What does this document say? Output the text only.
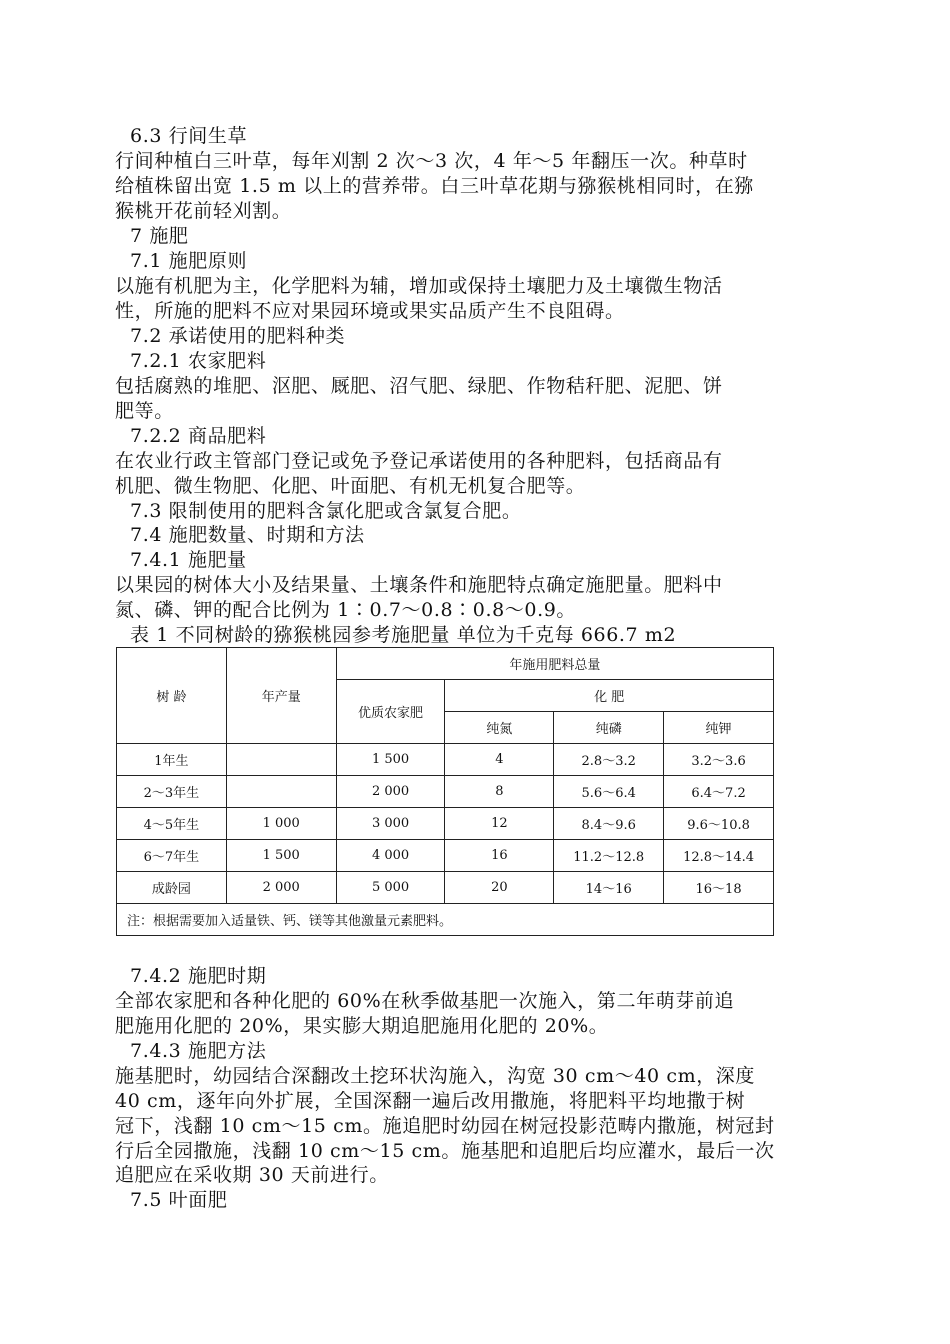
6.3 行间生草
行间种植白三叶草，每年刈割 2 次～3 次，4 年～5 年翻压一次。种草时
给植株留出宽 1.5 m 以上的营养带。白三叶草花期与猕猴桃相同时，在猕
猴桃开花前轻刈割。
7 施肥
7.1 施肥原则
以施有机肥为主，化学肥料为辅，增加或保持土壤肥力及土壤微生物活
性，所施的肥料不应对果园环境或果实品质产生不良阻碍。
7.2 承诺使用的肥料种类
7.2.1 农家肥料
包括腐熟的堆肥、沤肥、厩肥、沼气肥、绿肥、作物秸秆肥、泥肥、饼
肥等。
7.2.2 商品肥料
在农业行政主管部门登记或免予登记承诺使用的各种肥料，包括商品有
机肥、微生物肥、化肥、叶面肥、有机无机复合肥等。
7.3 限制使用的肥料含氯化肥或含氯复合肥。
7.4 施肥数量、时期和方法
7.4.1 施肥量
以果园的树体大小及结果量、土壤条件和施肥特点确定施肥量。肥料中
氮、磷、钾的配合比例为 1∶0.7～0.8∶0.8～0.9。
表 1 不同树龄的猕猴桃园参考施肥量 单位为千克每 666.7 m2
树 龄	年产量	年施用肥料总量			
		优质农家肥	化 肥		
			纯氮	纯磷	纯钾
1年生		1 500	4	2.8～3.2	3.2～3.6
2～3年生		2 000	8	5.6～6.4	6.4～7.2
4～5年生	1 000	3 000	12	8.4～9.6	9.6～10.8
6～7年生	1 500	4 000	16	11.2～12.8	12.8～14.4
成龄园	2 000	5 000	20	14～16	16～18
注：根据需要加入适量铁、钙、镁等其他激量元素肥料。					
7.4.2 施肥时期
全部农家肥和各种化肥的 60%在秋季做基肥一次施入，第二年萌芽前追
肥施用化肥的 20%，果实膨大期追肥施用化肥的 20%。
7.4.3 施肥方法
施基肥时，幼园结合深翻改土挖环状沟施入，沟宽 30 cm～40 cm，深度
40 cm，逐年向外扩展，全国深翻一遍后改用撒施，将肥料平均地撒于树
冠下，浅翻 10 cm～15 cm。施追肥时幼园在树冠投影范畴内撒施，树冠封
行后全园撒施，浅翻 10 cm～15 cm。施基肥和追肥后均应灌水，最后一次
追肥应在采收期 30 天前进行。
7.5 叶面肥
